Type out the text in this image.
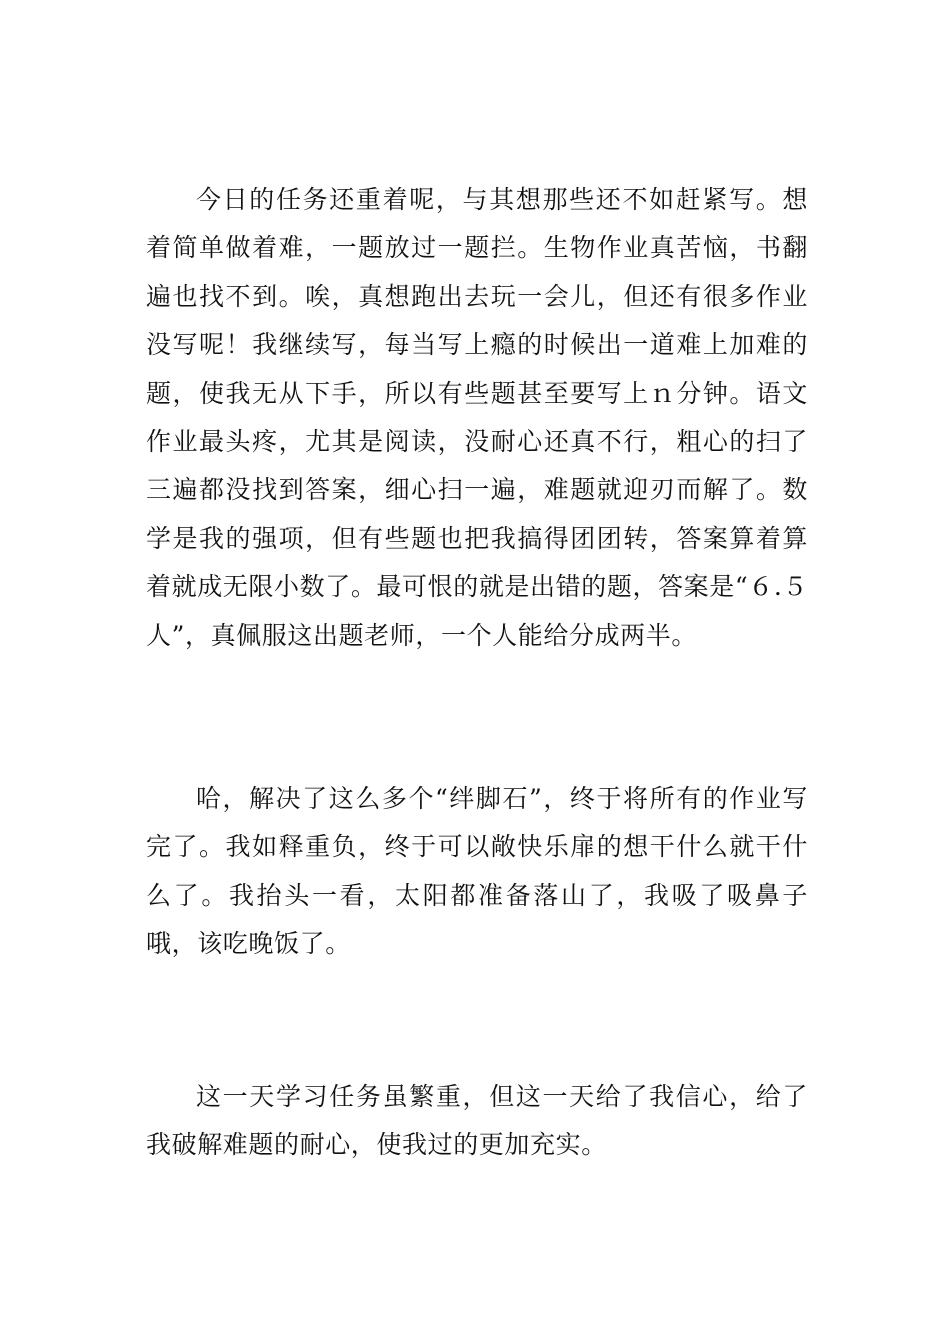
今日的任务还重着呢，与其想那些还不如赶紧写。想着简单做着难，一题放过一题拦。生物作业真苦恼，书翻遍也找不到。唉，真想跑出去玩一会儿，但还有很多作业没写呢！我继续写，每当写上瘾的时候出一道难上加难的题，使我无从下手，所以有些题甚至要写上ｎ分钟。语文作业最头疼，尤其是阅读，没耐心还真不行，粗心的扫了三遍都没找到答案，细心扫一遍，难题就迎刃而解了。数学是我的强项，但有些题也把我搞得团团转，答案算着算着就成无限小数了。最可恨的就是出错的题，答案是“６.５人”，真佩服这出题老师，一个人能给分成两半。

哈，解决了这么多个“绊脚石”，终于将所有的作业写完了。我如释重负，终于可以敞快乐扉的想干什么就干什么了。我抬头一看，太阳都准备落山了，我吸了吸鼻子哦，该吃晚饭了。

这一天学习任务虽繁重，但这一天给了我信心，给了我破解难题的耐心，使我过的更加充实。
